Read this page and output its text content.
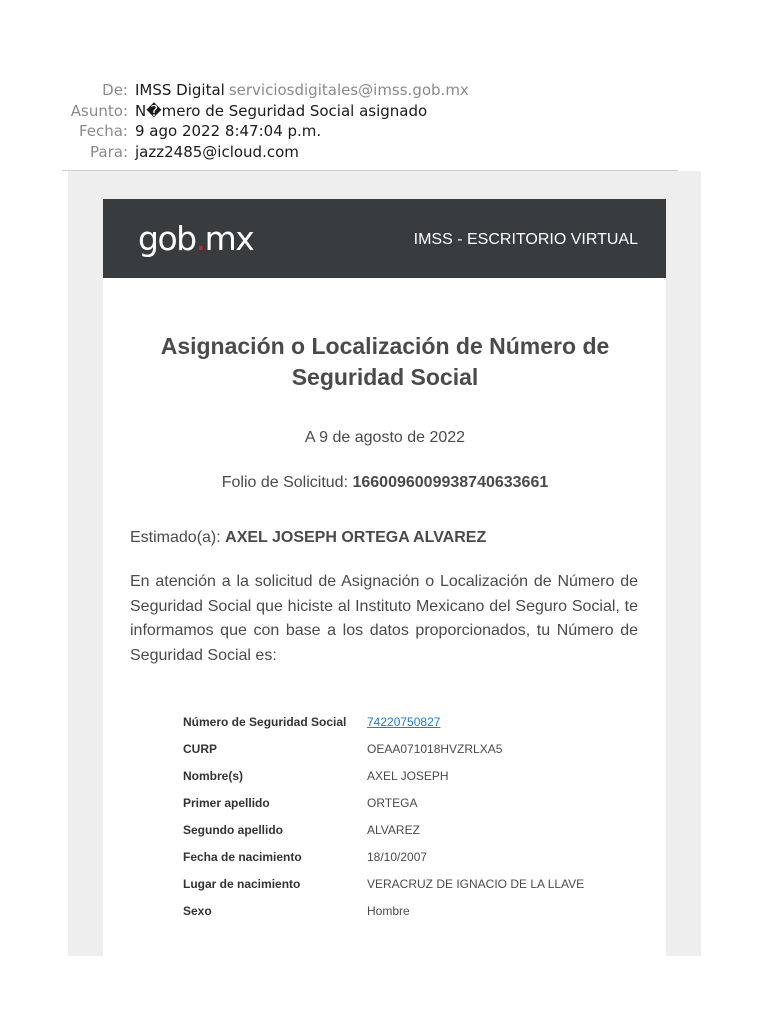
De: IMSS Digital serviciosdigitales@imss.gob.mx
Asunto: N�mero de Seguridad Social asignado
Fecha: 9 ago 2022 8:47:04 p.m.
Para: jazz2485@icloud.com
gob.mx	IMSS - ESCRITORIO VIRTUAL
Asignación o Localización de Número de Seguridad Social
A 9 de agosto de 2022
Folio de Solicitud: 1660096009938740633661
Estimado(a): AXEL JOSEPH ORTEGA ALVAREZ

En atención a la solicitud de Asignación o Localización de Número de Seguridad Social que hiciste al Instituto Mexicano del Seguro Social, te informamos que con base a los datos proporcionados, tu Número de Seguridad Social es:

Número de Seguridad Social	74220750827
CURP	OEAA071018HVZRLXA5
Nombre(s)	AXEL JOSEPH
Primer apellido	ORTEGA
Segundo apellido	ALVAREZ
Fecha de nacimiento	18/10/2007
Lugar de nacimiento	VERACRUZ DE IGNACIO DE LA LLAVE
Sexo	Hombre
